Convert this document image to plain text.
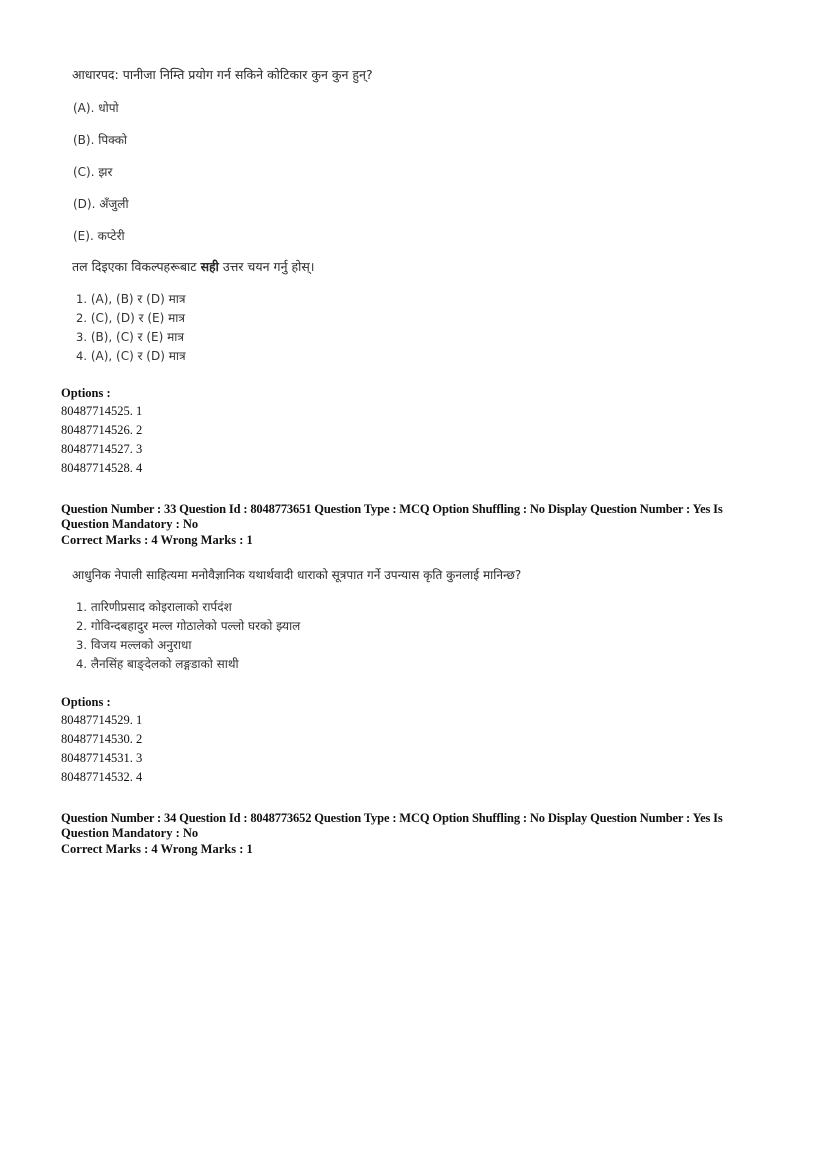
आधारपद: पानीजा निम्ति प्रयोग गर्न सकिने कोटिकार कुन कुन हुन्?
(A). धोपो
(B). पिक्को
(C). झर
(D). अँजुली
(E). कप्टेरी
तल दिइएका विकल्पहरूबाट सही उत्तर चयन गर्नु होस्।
1. (A), (B) र (D) मात्र
2. (C), (D) र (E) मात्र
3. (B), (C) र (E) मात्र
4. (A), (C) र (D) मात्र
Options :
80487714525. 1
80487714526. 2
80487714527. 3
80487714528. 4
Question Number : 33 Question Id : 8048773651 Question Type : MCQ Option Shuffling : No Display Question Number : Yes Is
Question Mandatory : No
Correct Marks : 4 Wrong Marks : 1
आधुनिक नेपाली साहित्यमा मनोवैज्ञानिक यथार्थवादी धाराको सूत्रपात गर्ने उपन्यास कृति कुनलाई मानिन्छ?
1. तारिणीप्रसाद कोइरालाको रार्पदंश
2. गोविन्दबहादुर मल्ल गोठालेको पल्लो घरको झ्याल
3. विजय मल्लको अनुराधा
4. लैनसिंह बाङ्देलको लङ्गडाको साथी
Options :
80487714529. 1
80487714530. 2
80487714531. 3
80487714532. 4
Question Number : 34 Question Id : 8048773652 Question Type : MCQ Option Shuffling : No Display Question Number : Yes Is
Question Mandatory : No
Correct Marks : 4 Wrong Marks : 1
